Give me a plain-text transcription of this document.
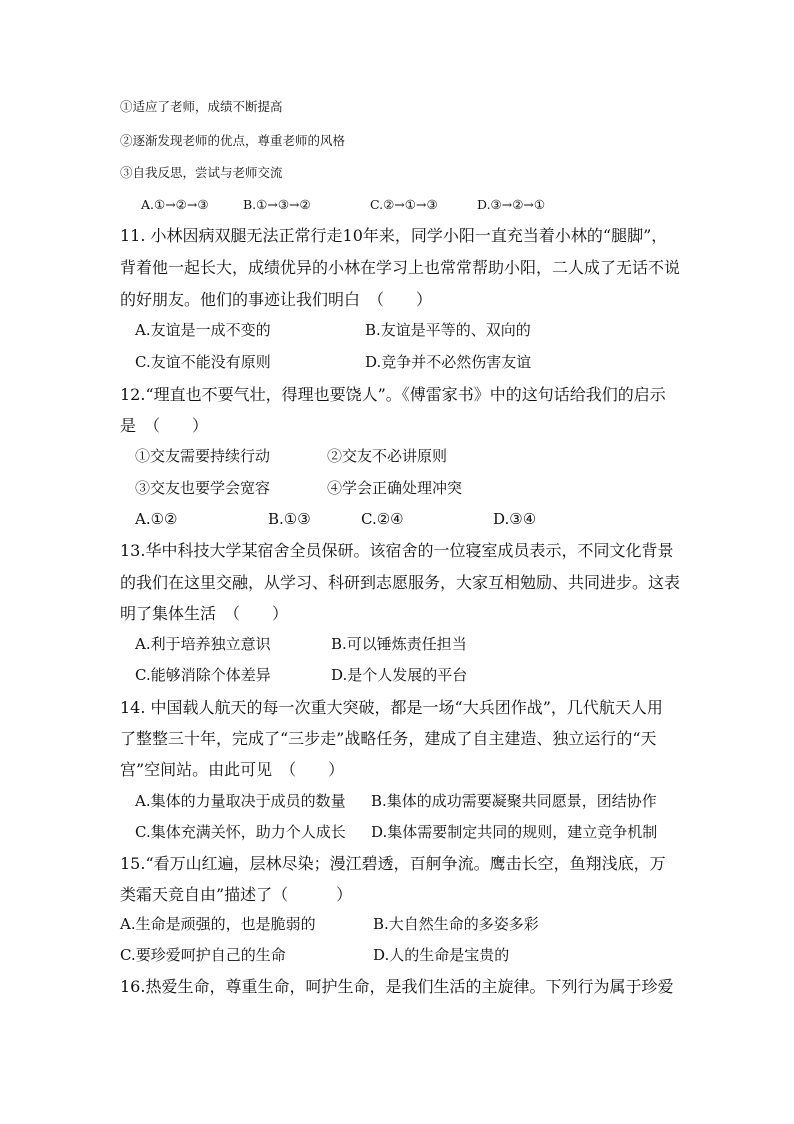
①适应了老师，成绩不断提高
②逐渐发现老师的优点，尊重老师的风格
③自我反思，尝试与老师交流
A.①→②→③	B.①→③→②	C.②→①→③	D.③→②→①
11. 小林因病双腿无法正常行走10年来，同学小阳一直充当着小林的“腿脚”，
背着他一起长大，成绩优异的小林在学习上也常常帮助小阳，二人成了无话不说
的好朋友。他们的事迹让我们明白　（　　）
A.友谊是一成不变的	B.友谊是平等的、双向的
C.友谊不能没有原则	D.竞争并不必然伤害友谊
12.“理直也不要气壮，得理也要饶人”。《傅雷家书》中的这句话给我们的启示
是　（　　）
①交友需要持续行动	②交友不必讲原则
③交友也要学会宽容	④学会正确处理冲突
A.①②	B.①③	C.②④	D.③④
13.华中科技大学某宿舍全员保研。该宿舍的一位寝室成员表示，不同文化背景
的我们在这里交融，从学习、科研到志愿服务，大家互相勉励、共同进步。这表
明了集体生活　（　　）
A.利于培养独立意识	B.可以锤炼责任担当
C.能够消除个体差异	D.是个人发展的平台
14. 中国载人航天的每一次重大突破，都是一场“大兵团作战”，几代航天人用
了整整三十年，完成了“三步走”战略任务，建成了自主建造、独立运行的“天
宫”空间站。由此可见　（　　）
A.集体的力量取决于成员的数量 B.集体的成功需要凝聚共同愿景，团结协作
C.集体充满关怀，助力个人成长 D.集体需要制定共同的规则，建立竞争机制
15.“看万山红遍，层林尽染；漫江碧透，百舸争流。鹰击长空，鱼翔浅底，万
类霜天竞自由”描述了（　　　）
A.生命是顽强的，也是脆弱的	B.大自然生命的多姿多彩
C.要珍爱呵护自己的生命	D.人的生命是宝贵的
16.热爱生命，尊重生命，呵护生命，是我们生活的主旋律。下列行为属于珍爱
